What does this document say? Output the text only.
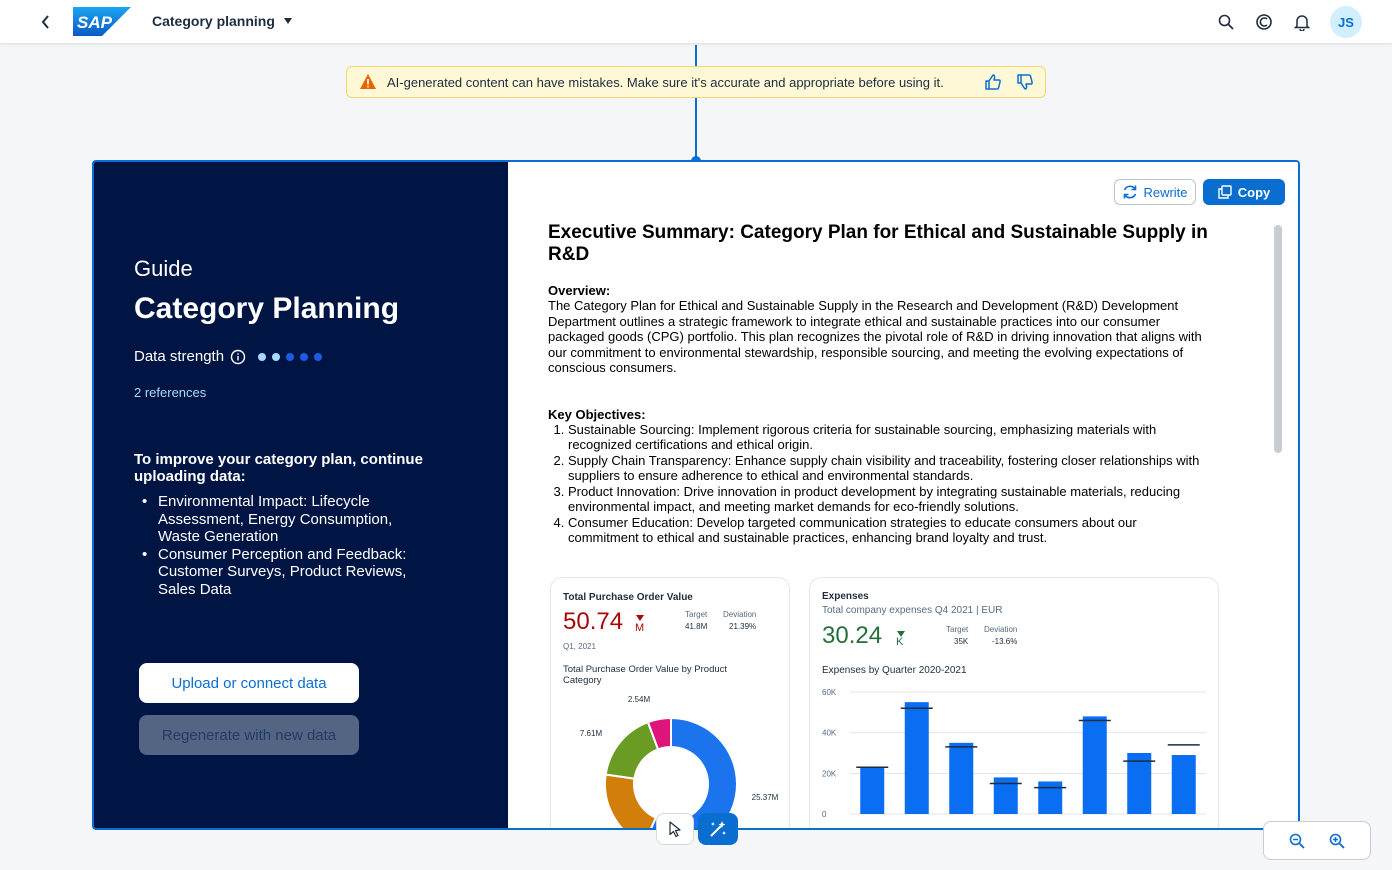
SAP	Category planning	JS
AI-generated content can have mistakes. Make sure it's accurate and appropriate before using it.
Guide
Category Planning
Data strength
2 references
To improve your category plan, continue uploading data:
• Environmental Impact: Lifecycle Assessment, Energy Consumption, Waste Generation
• Consumer Perception and Feedback: Customer Surveys, Product Reviews, Sales Data
Upload or connect data
Regenerate with new data
Rewrite	Copy
Executive Summary: Category Plan for Ethical and Sustainable Supply in R&D
Overview:

The Category Plan for Ethical and Sustainable Supply in the Research and Development (R&D) Development Department outlines a strategic framework to integrate ethical and sustainable practices into our consumer packaged goods (CPG) portfolio. This plan recognizes the pivotal role of R&D in driving innovation that aligns with our commitment to environmental stewardship, responsible sourcing, and meeting the evolving expectations of conscious consumers.

Key Objectives:
1. Sustainable Sourcing: Implement rigorous criteria for sustainable sourcing, emphasizing materials with recognized certifications and ethical origin.
2. Supply Chain Transparency: Enhance supply chain visibility and traceability, fostering closer relationships with suppliers to ensure adherence to ethical and environmental standards.
3. Product Innovation: Drive innovation in product development by integrating sustainable materials, reducing environmental impact, and meeting market demands for eco-friendly solutions.
4. Consumer Education: Develop targeted communication strategies to educate consumers about our commitment to ethical and sustainable practices, enhancing brand loyalty and trust.
Total Purchase Order Value
50.74 M
Target
41.8M
Deviation
21.39%
Q1, 2021
Total Purchase Order Value by Product Category
25.37M
7.61M
2.54M
Expenses
Total company expenses Q4 2021 | EUR
30.24 K
Target
35K
Deviation
-13.6%
Expenses by Quarter 2020-2021
0
20K
40K
60K
